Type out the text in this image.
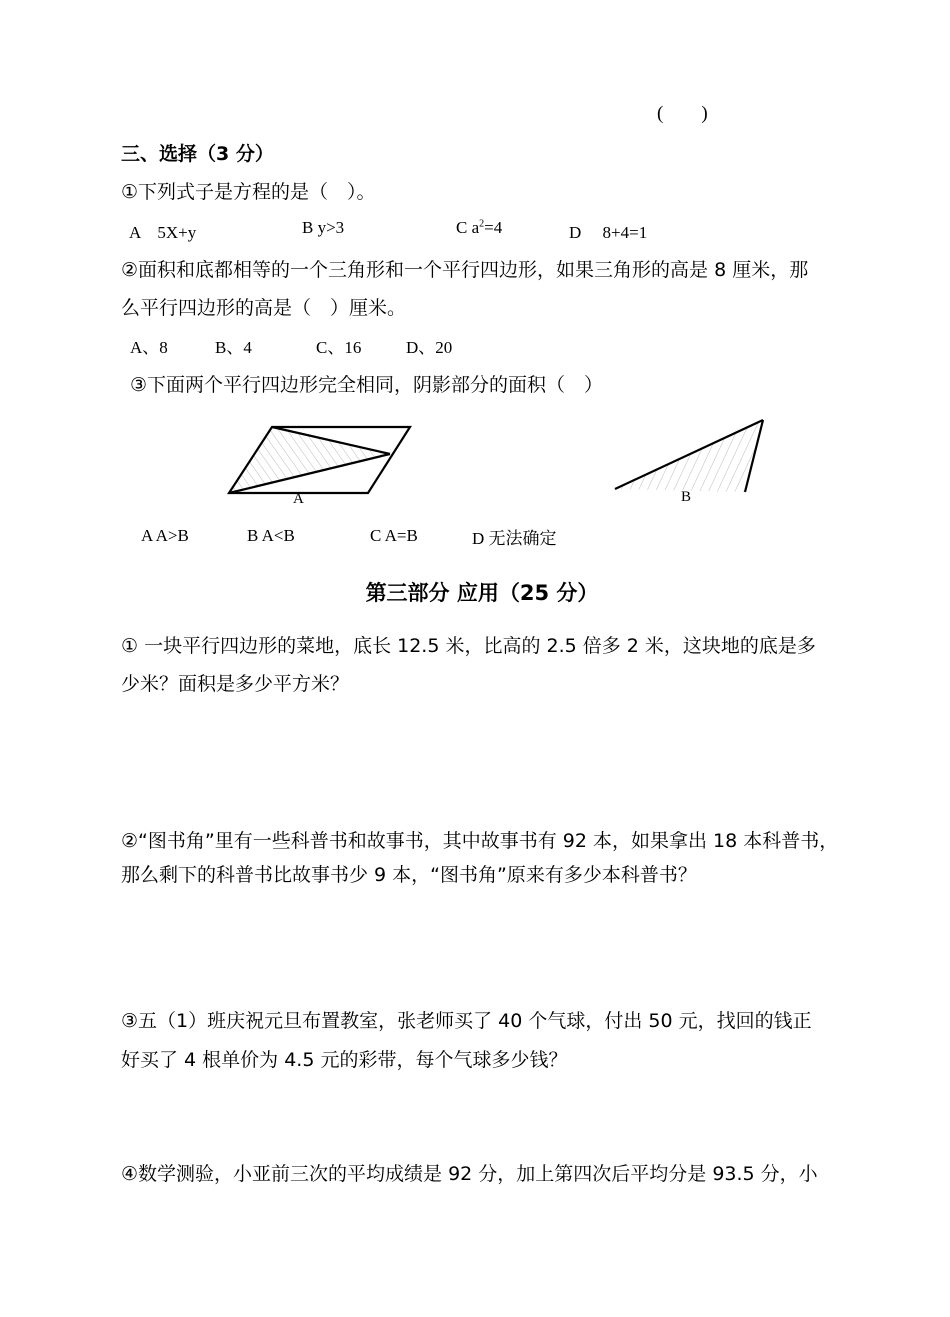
(　　)
三、选择（3 分）
①下列式子是方程的是（　）。
A　5X+y	B y>3	C $a^2=4$	D　 8+4=1
②面积和底都相等的一个三角形和一个平行四边形，如果三角形的高是 8 厘米，那
么平行四边形的高是（　）厘米。
A、8	B、4	C、16	D、20
③下面两个平行四边形完全相同，阴影部分的面积（　）
A	B
A A>B	B A<B	C A=B	D 无法确定
第三部分 应用（25 分）
① 一块平行四边形的菜地，底长 12.5 米，比高的 2.5 倍多 2 米，这块地的底是多
少米？面积是多少平方米？
②“图书角”里有一些科普书和故事书，其中故事书有 92 本，如果拿出 18 本科普书，
那么剩下的科普书比故事书少 9 本，“图书角”原来有多少本科普书？
③五（1）班庆祝元旦布置教室，张老师买了 40 个气球，付出 50 元，找回的钱正
好买了 4 根单价为 4.5 元的彩带，每个气球多少钱？
④数学测验，小亚前三次的平均成绩是 92 分，加上第四次后平均分是 93.5 分，小
